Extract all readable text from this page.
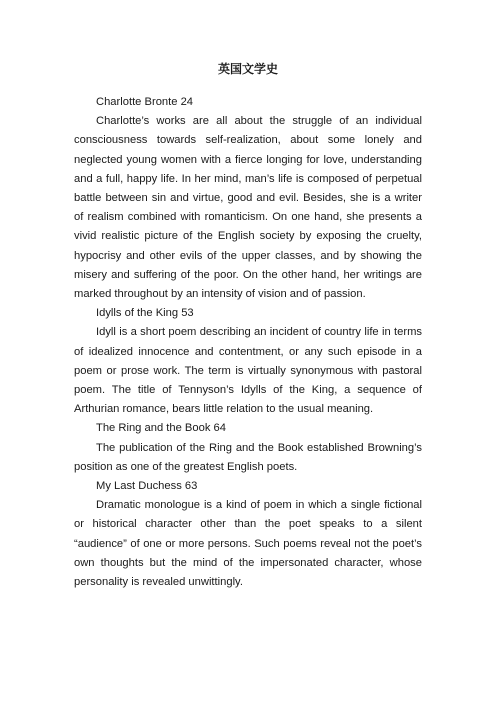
英国文学史

Charlotte Bronte 24

Charlotte’s works are all about the struggle of an individual consciousness towards self-realization, about some lonely and neglected young women with a fierce longing for love, understanding and a full, happy life. In her mind, man’s life is composed of perpetual battle between sin and virtue, good and evil. Besides, she is a writer of realism combined with romanticism. On one hand, she presents a vivid realistic picture of the English society by exposing the cruelty, hypocrisy and other evils of the upper classes, and by showing the misery and suffering of the poor. On the other hand, her writings are marked throughout by an intensity of vision and of passion.

Idylls of the King 53

Idyll is a short poem describing an incident of country life in terms of idealized innocence and contentment, or any such episode in a poem or prose work. The term is virtually synonymous with pastoral poem. The title of Tennyson’s Idylls of the King, a sequence of Arthurian romance, bears little relation to the usual meaning.

The Ring and the Book 64

The publication of the Ring and the Book established Browning’s position as one of the greatest English poets.

My Last Duchess 63

Dramatic monologue is a kind of poem in which a single fictional or historical character other than the poet speaks to a silent “audience” of one or more persons. Such poems reveal not the poet’s own thoughts but the mind of the impersonated character, whose personality is revealed unwittingly.
